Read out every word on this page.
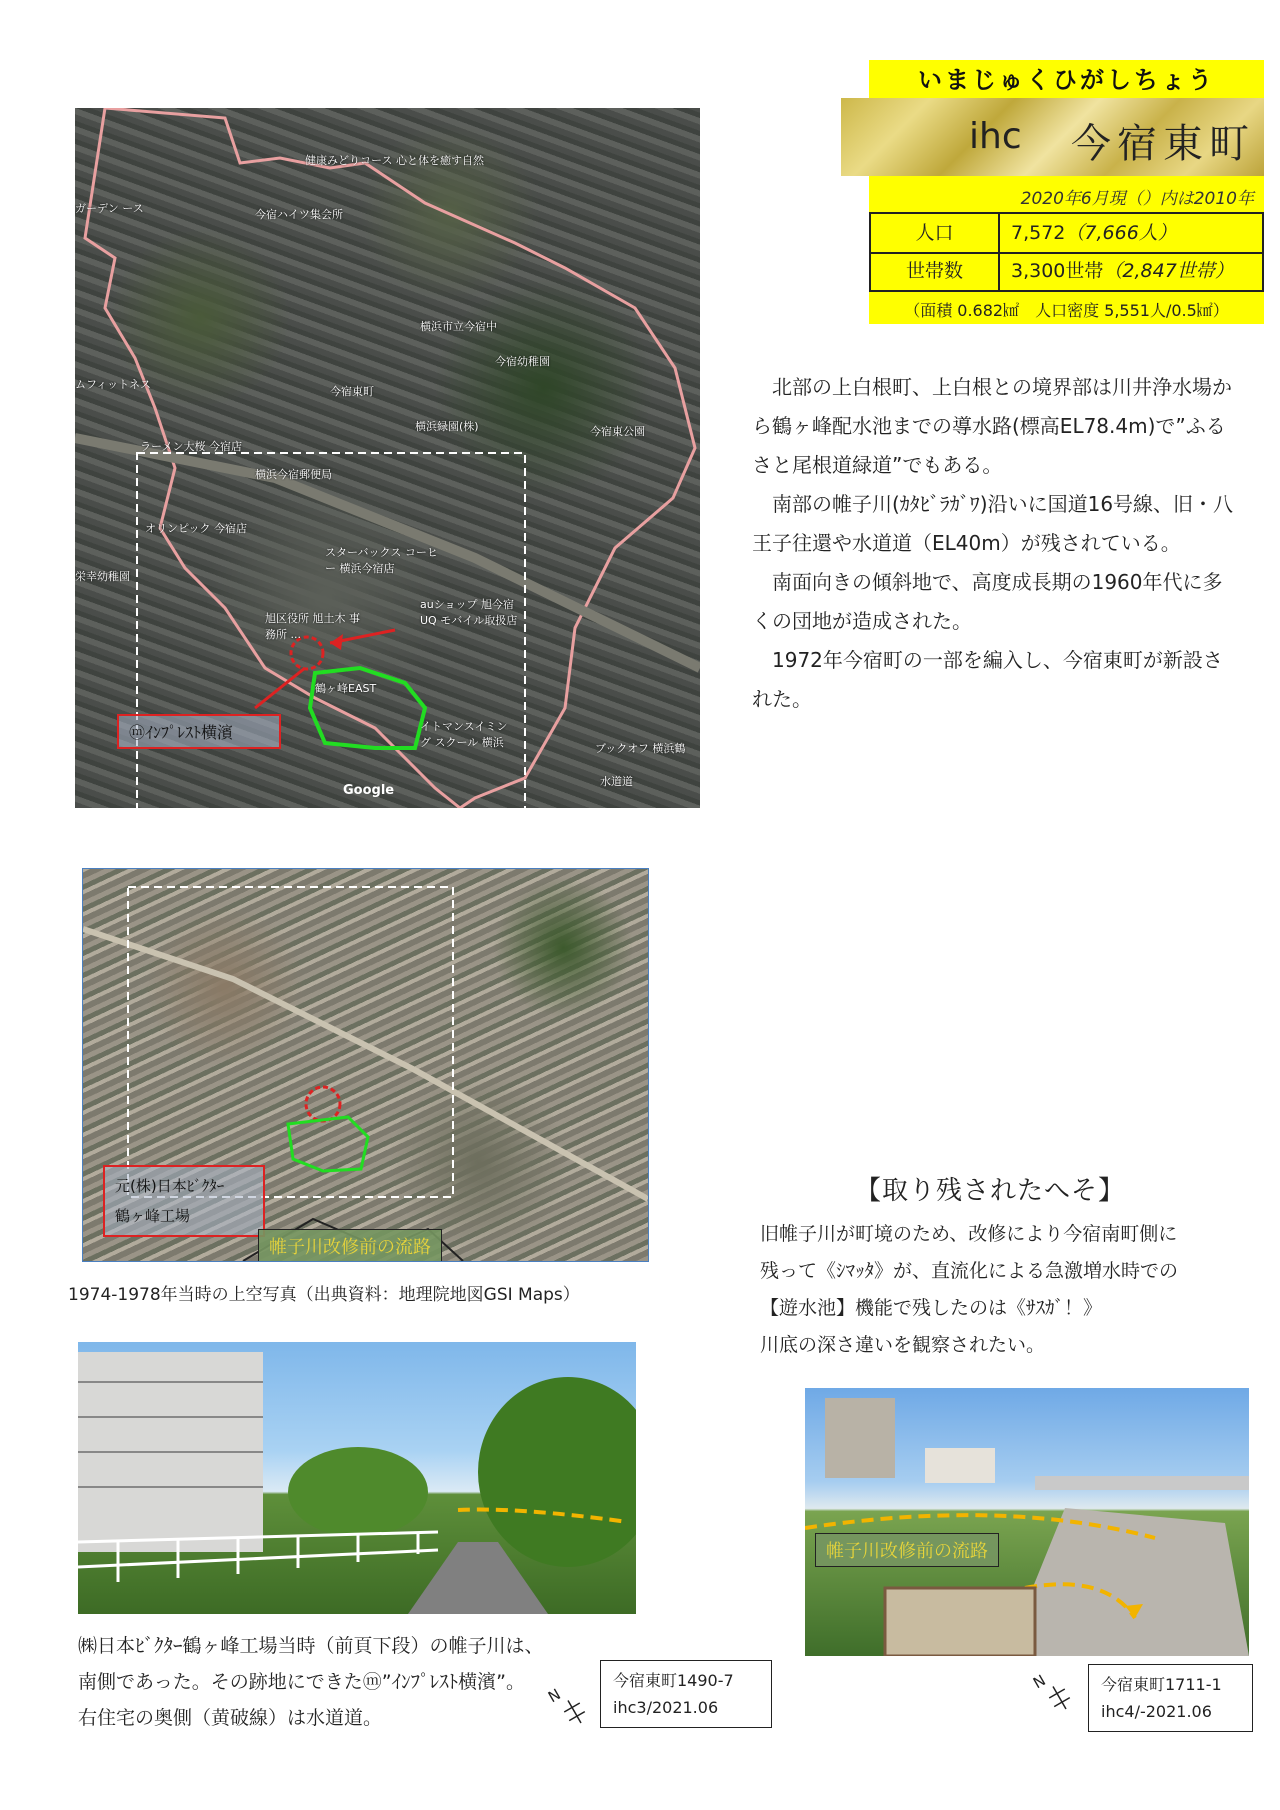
いまじゅくひがしちょう
ihc 今宿東町
2020年6月現（）内は2010年
人口	7,572（7,666人）
世帯数	3,300世帯（2,847世帯）
（面積 0.682㎢　人口密度 5,551人/0.5㎢）

北部の上白根町、上白根との境界部は川井浄水場から鶴ヶ峰配水池までの導水路(標高EL78.4m)で”ふるさと尾根道緑道”でもある。

南部の帷子川(ｶﾀﾋﾞﾗｶﾞﾜ)沿いに国道16号線、旧・八王子往還や水道道（EL40m）が残されている。

南面向きの傾斜地で、高度成長期の1960年代に多くの団地が造成された。

1972年今宿町の一部を編入し、今宿東町が新設された。

健康みどりコース 心と体を癒す自然
ガーデン ース	今宿ハイツ集会所
横浜市立今宿中
今宿幼稚園
今宿東町
横浜緑園(株)	今宿東公園
ラーメン大桜 今宿店
横浜今宿郵便局
オリンピック 今宿店
スターバックス コーヒー 横浜今宿店
栄幸幼稚園
旭区役所 旭土木 事務所 ...
auショップ 旭今宿 UQ モバイル取扱店
鶴ヶ峰EAST
イトマンスイミング スクール 横浜	ブックオフ 横浜鶴
ムフィットネス
水道道
ⓜｲﾝﾌﾟﾚｽﾄ横濱
Google
元(株)日本ﾋﾞｸﾀｰ
鶴ヶ峰工場
帷子川改修前の流路
1974-1978年当時の上空写真（出典資料：地理院地図GSI Maps）
㈱日本ﾋﾞｸﾀｰ鶴ヶ峰工場当時（前頁下段）の帷子川は、
南側であった。その跡地にできたⓜ”ｲﾝﾌﾟﾚｽﾄ横濱”。
右住宅の奥側（黄破線）は水道道。
今宿東町1490-7
ihc3/2021.06
N
【取り残されたへそ】
旧帷子川が町境のため、改修により今宿南町側に
残って《ｼﾏｯﾀ》が、直流化による急激増水時での
【遊水池】機能で残したのは《ｻｽｶﾞ！》
川底の深さ違いを観察されたい。
帷子川改修前の流路
今宿東町1711-1
ihc4/-2021.06
N
